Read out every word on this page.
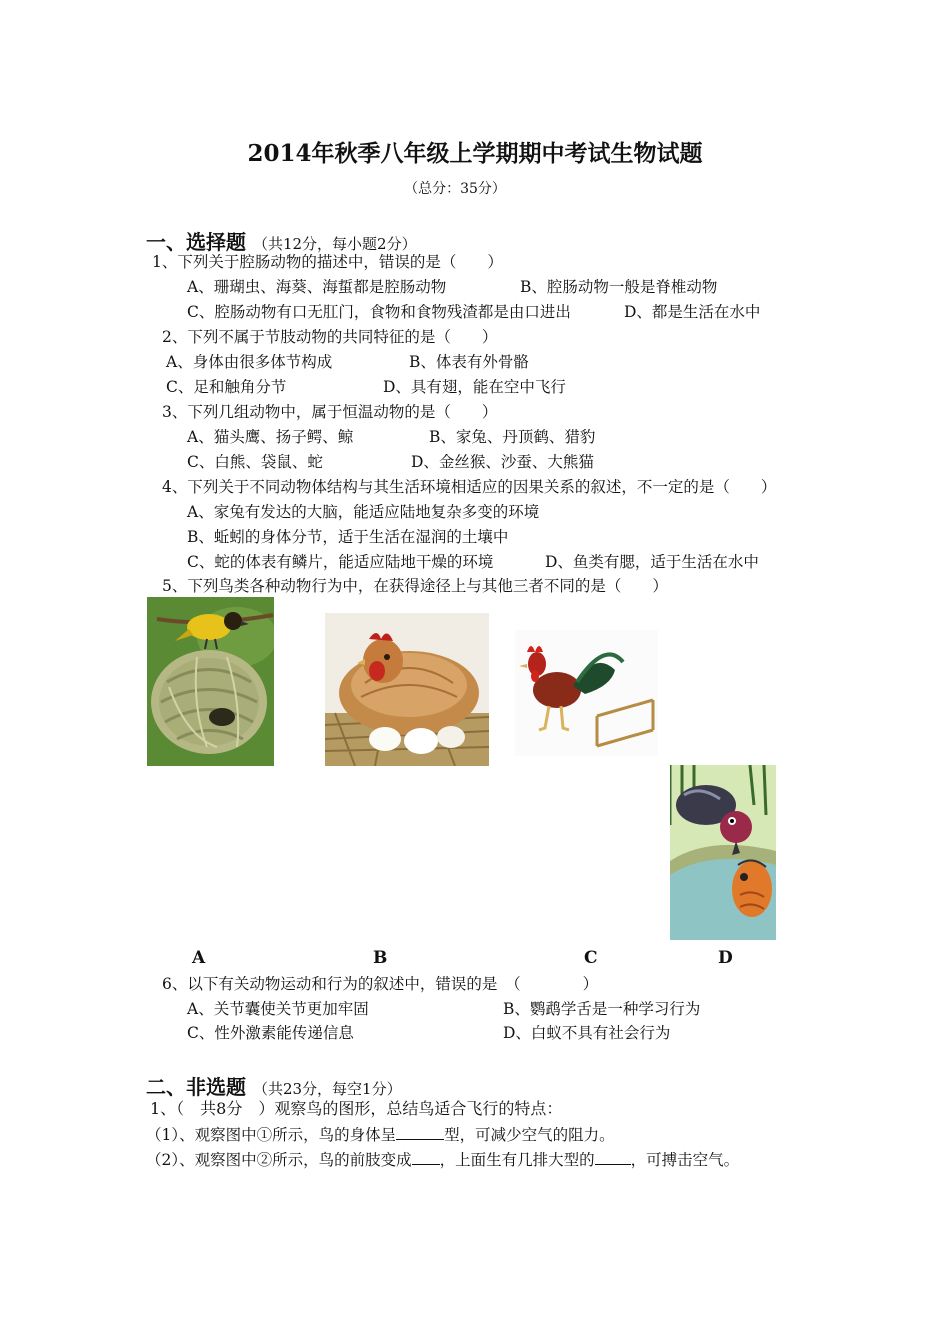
2014年秋季八年级上学期期中考试生物试题
（总分：35分）
一、选择题 （共12分，每小题2分）
1、下列关于腔肠动物的描述中，错误的是（　　）
A、珊瑚虫、海葵、海蜇都是腔肠动物	B、腔肠动物一般是脊椎动物
C、腔肠动物有口无肛门，食物和食物残渣都是由口进出	D、都是生活在水中
2、下列不属于节肢动物的共同特征的是（　　）
A、身体由很多体节构成	B、体表有外骨骼
C、足和触角分节	D、具有翅，能在空中飞行
3、下列几组动物中，属于恒温动物的是（　　）
A、猫头鹰、扬子鳄、鲸	B、家兔、丹顶鹤、猎豹
C、白熊、袋鼠、蛇	D、金丝猴、沙蚕、大熊猫
4、下列关于不同动物体结构与其生活环境相适应的因果关系的叙述，不一定的是（　　）
A、家兔有发达的大脑，能适应陆地复杂多变的环境
B、蚯蚓的身体分节，适于生活在湿润的土壤中
C、蛇的体表有鳞片，能适应陆地干燥的环境	D、鱼类有腮，适于生活在水中
5、下列鸟类各种动物行为中，在获得途径上与其他三者不同的是（　　）
A	B	C	D
6、以下有关动物运动和行为的叙述中，错误的是　（　　　　）
A、关节囊使关节更加牢固	B、鹦鹉学舌是一种学习行为
C、性外激素能传递信息	D、白蚁不具有社会行为
二、非选题 （共23分，每空1分）
1、（　共8分　）观察鸟的图形，总结鸟适合飞行的特点：
（1）、观察图中①所示，鸟的身体呈	型，可减少空气的阻力。
（2）、观察图中②所示，鸟的前肢变成 ，上面生有几排大型的 ，可搏击空气。
